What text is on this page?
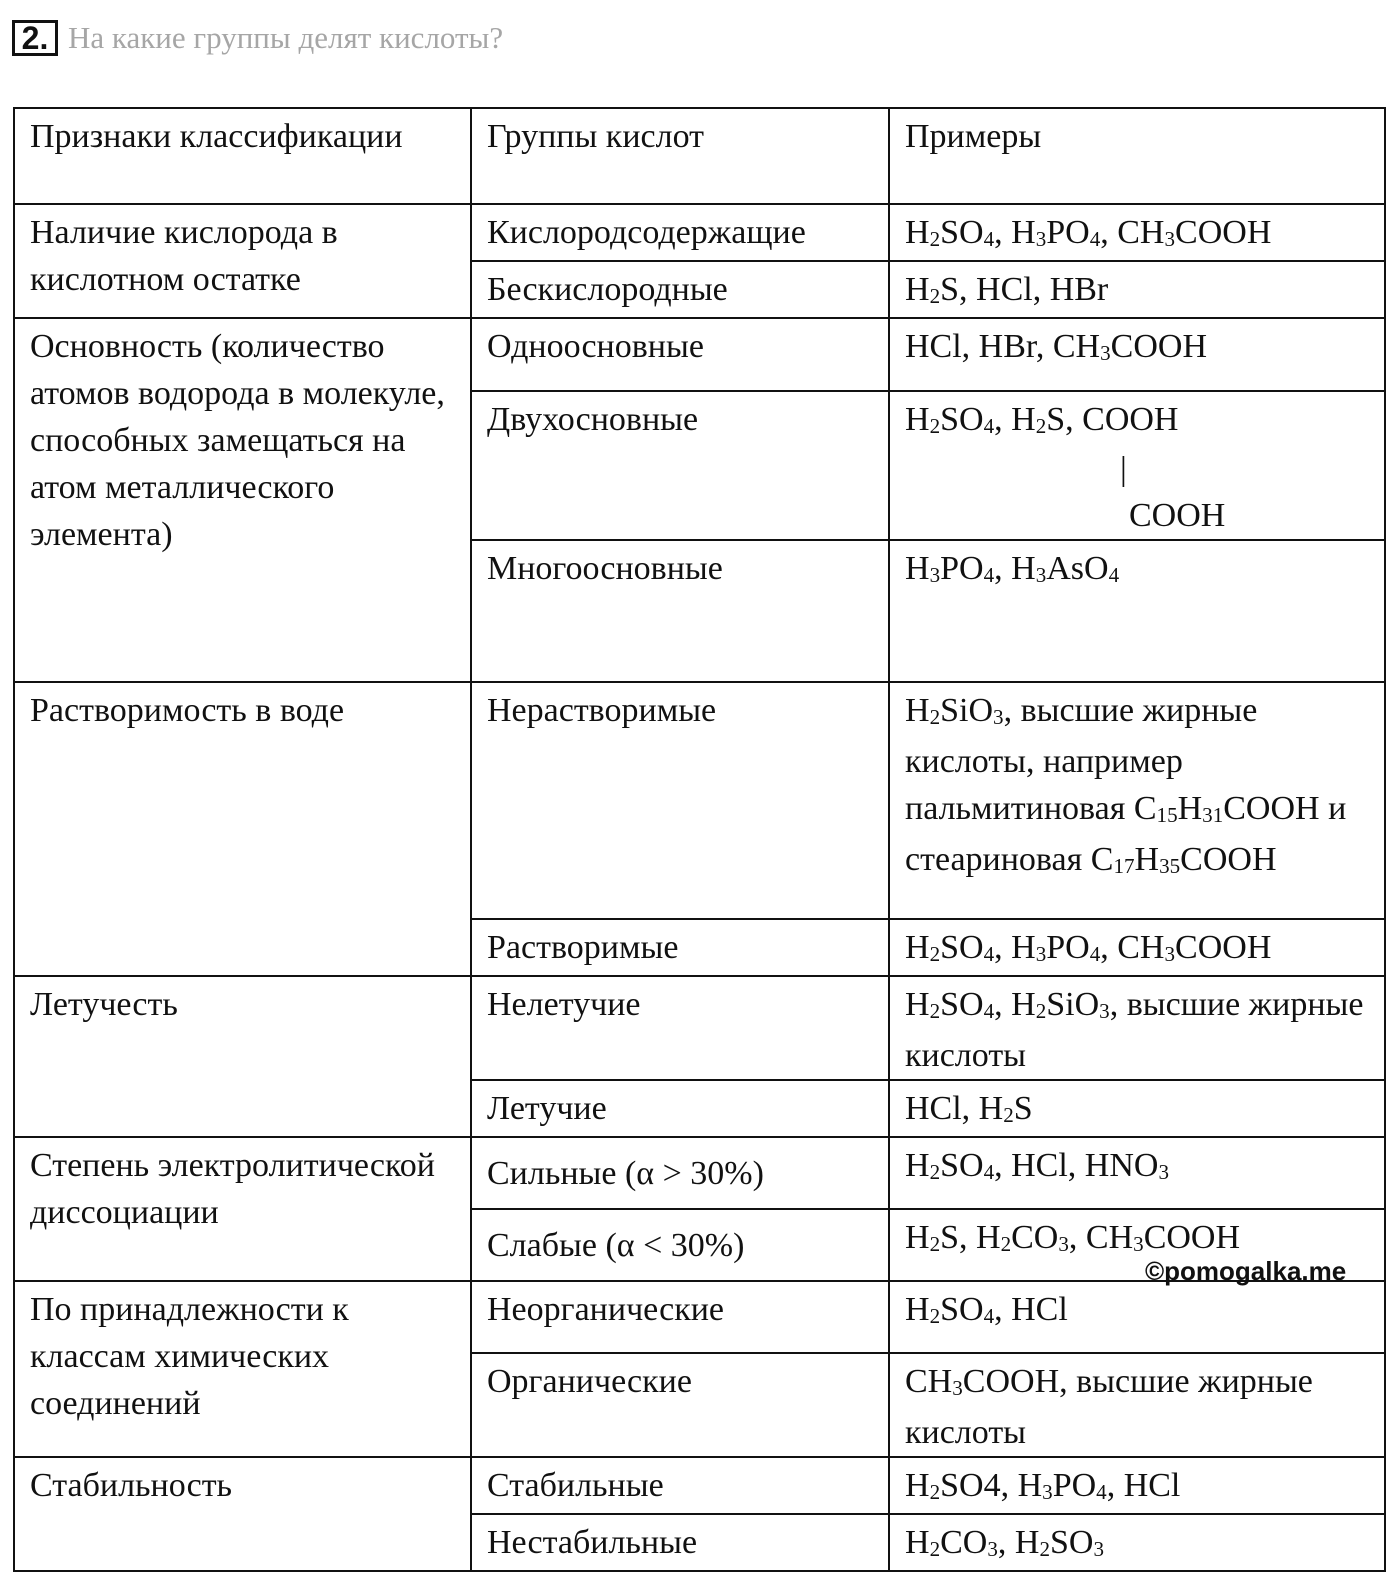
2. На какие группы делят кислоты?
Признаки классификации	Группы кислот	Примеры
Наличие кислорода в кислотном остатке	Кислородсодержащие	$H_2SO_4$, $H_3PO_4$, $CH_3COOH$
	Бескислородные	$H_2S$, HCl, HBr
Основность (количество атомов водорода в молекуле, способных замещаться на атом металлического элемента)	Одноосновные	HCl, HBr, $CH_3COOH$
	Двухосновные	$H_2SO_4$, $H_2S$, COOH
|
COOH

	Многоосновные	$H_3PO_4$, $H_3AsO_4$
Растворимость в воде	Нерастворимые	$H_2SiO_3$, высшие жирные кислоты, например пальмитиновая $C_{15}H_{31}COOH$ и стеариновая $C_{17}H_{35}COOH$
	Растворимые	$H_2SO_4$, $H_3PO_4$, $CH_3COOH$
Летучесть	Нелетучие	$H_2SO_4$, $H_2SiO_3$, высшие жирные кислоты
	Летучие	HCl, $H_2S$
Степень электролитической диссоциации	Сильные (α > 30%)	$H_2SO_4$, HCl, $HNO_3$
	Слабые (α < 30%)	$H_2S$, $H_2CO_3$, $CH_3COOH$
По принадлежности к классам химических соединений	Неорганические	$H_2SO_4$, HCl
	Органические	$CH_3COOH$, высшие жирные кислоты
Стабильность	Стабильные	$H_2SO4$, $H_3PO_4$, HCl
	Нестабильные	$H_2CO_3$, $H_2SO_3$
©pomogalka.me
